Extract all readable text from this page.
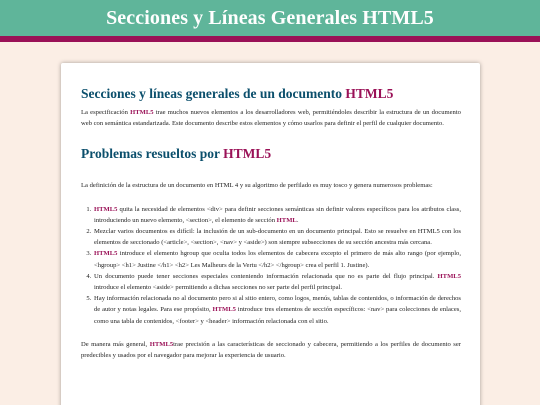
Secciones y Líneas Generales HTML5
Secciones y líneas generales de un documento HTML5

La especificación HTML5 trae muchos nuevos elementos a los desarrolladores web, permitiéndoles describir la estructura de un documento web con semántica estandarizada. Este documento describe estos elementos y cómo usarlos para definir el perfil de cualquier documento.

Problemas resueltos por HTML5

La definición de la estructura de un documento en HTML 4 y su algoritmo de perfilado es muy tosco y genera numerosos problemas:

1. HTML5 quita la necesidad de elementos <div> para definir secciones semánticas sin definir valores específicos para los atributos class, introduciendo un nuevo elemento, <section>, el elemento de sección HTML.
2. Mezclar varios documentos es difícil: la inclusión de un sub-documento en un documento principal. Esto se resuelve en HTML5 con los elementos de seccionado (<article>, <section>, <nav> y <aside>) son siempre subsecciones de su sección ancestra más cercana.
3. HTML5 introduce el elemento hgroup que oculta todos los elementos de cabecera excepto el primero de más alto rango (por ejemplo, <hgroup> <h1> Justine </h1> <h2> Les Malheurs de la Vertu </h2> </hgroup> crea el perfil 1. Justine).
4. Un documento puede tener secciones especiales conteniendo información relacionada que no es parte del flujo principal. HTML5 introduce el elemento <aside> permitiendo a dichas secciones no ser parte del perfil principal.
5. Hay información relacionada no al documento pero si al sitio entero, como logos, menús, tablas de contenidos, o información de derechos de autor y notas legales. Para ese propósito, HTML5 introduce tres elementos de sección específicos: <nav> para colecciones de enlaces, como una tabla de contenidos, <footer> y <header> información relacionada con el sitio.

De manera más general, HTML5trae precisión a las características de seccionado y cabecera, permitiendo a los perfiles de documento ser predecibles y usados por el navegador para mejorar la experiencia de usuario.
